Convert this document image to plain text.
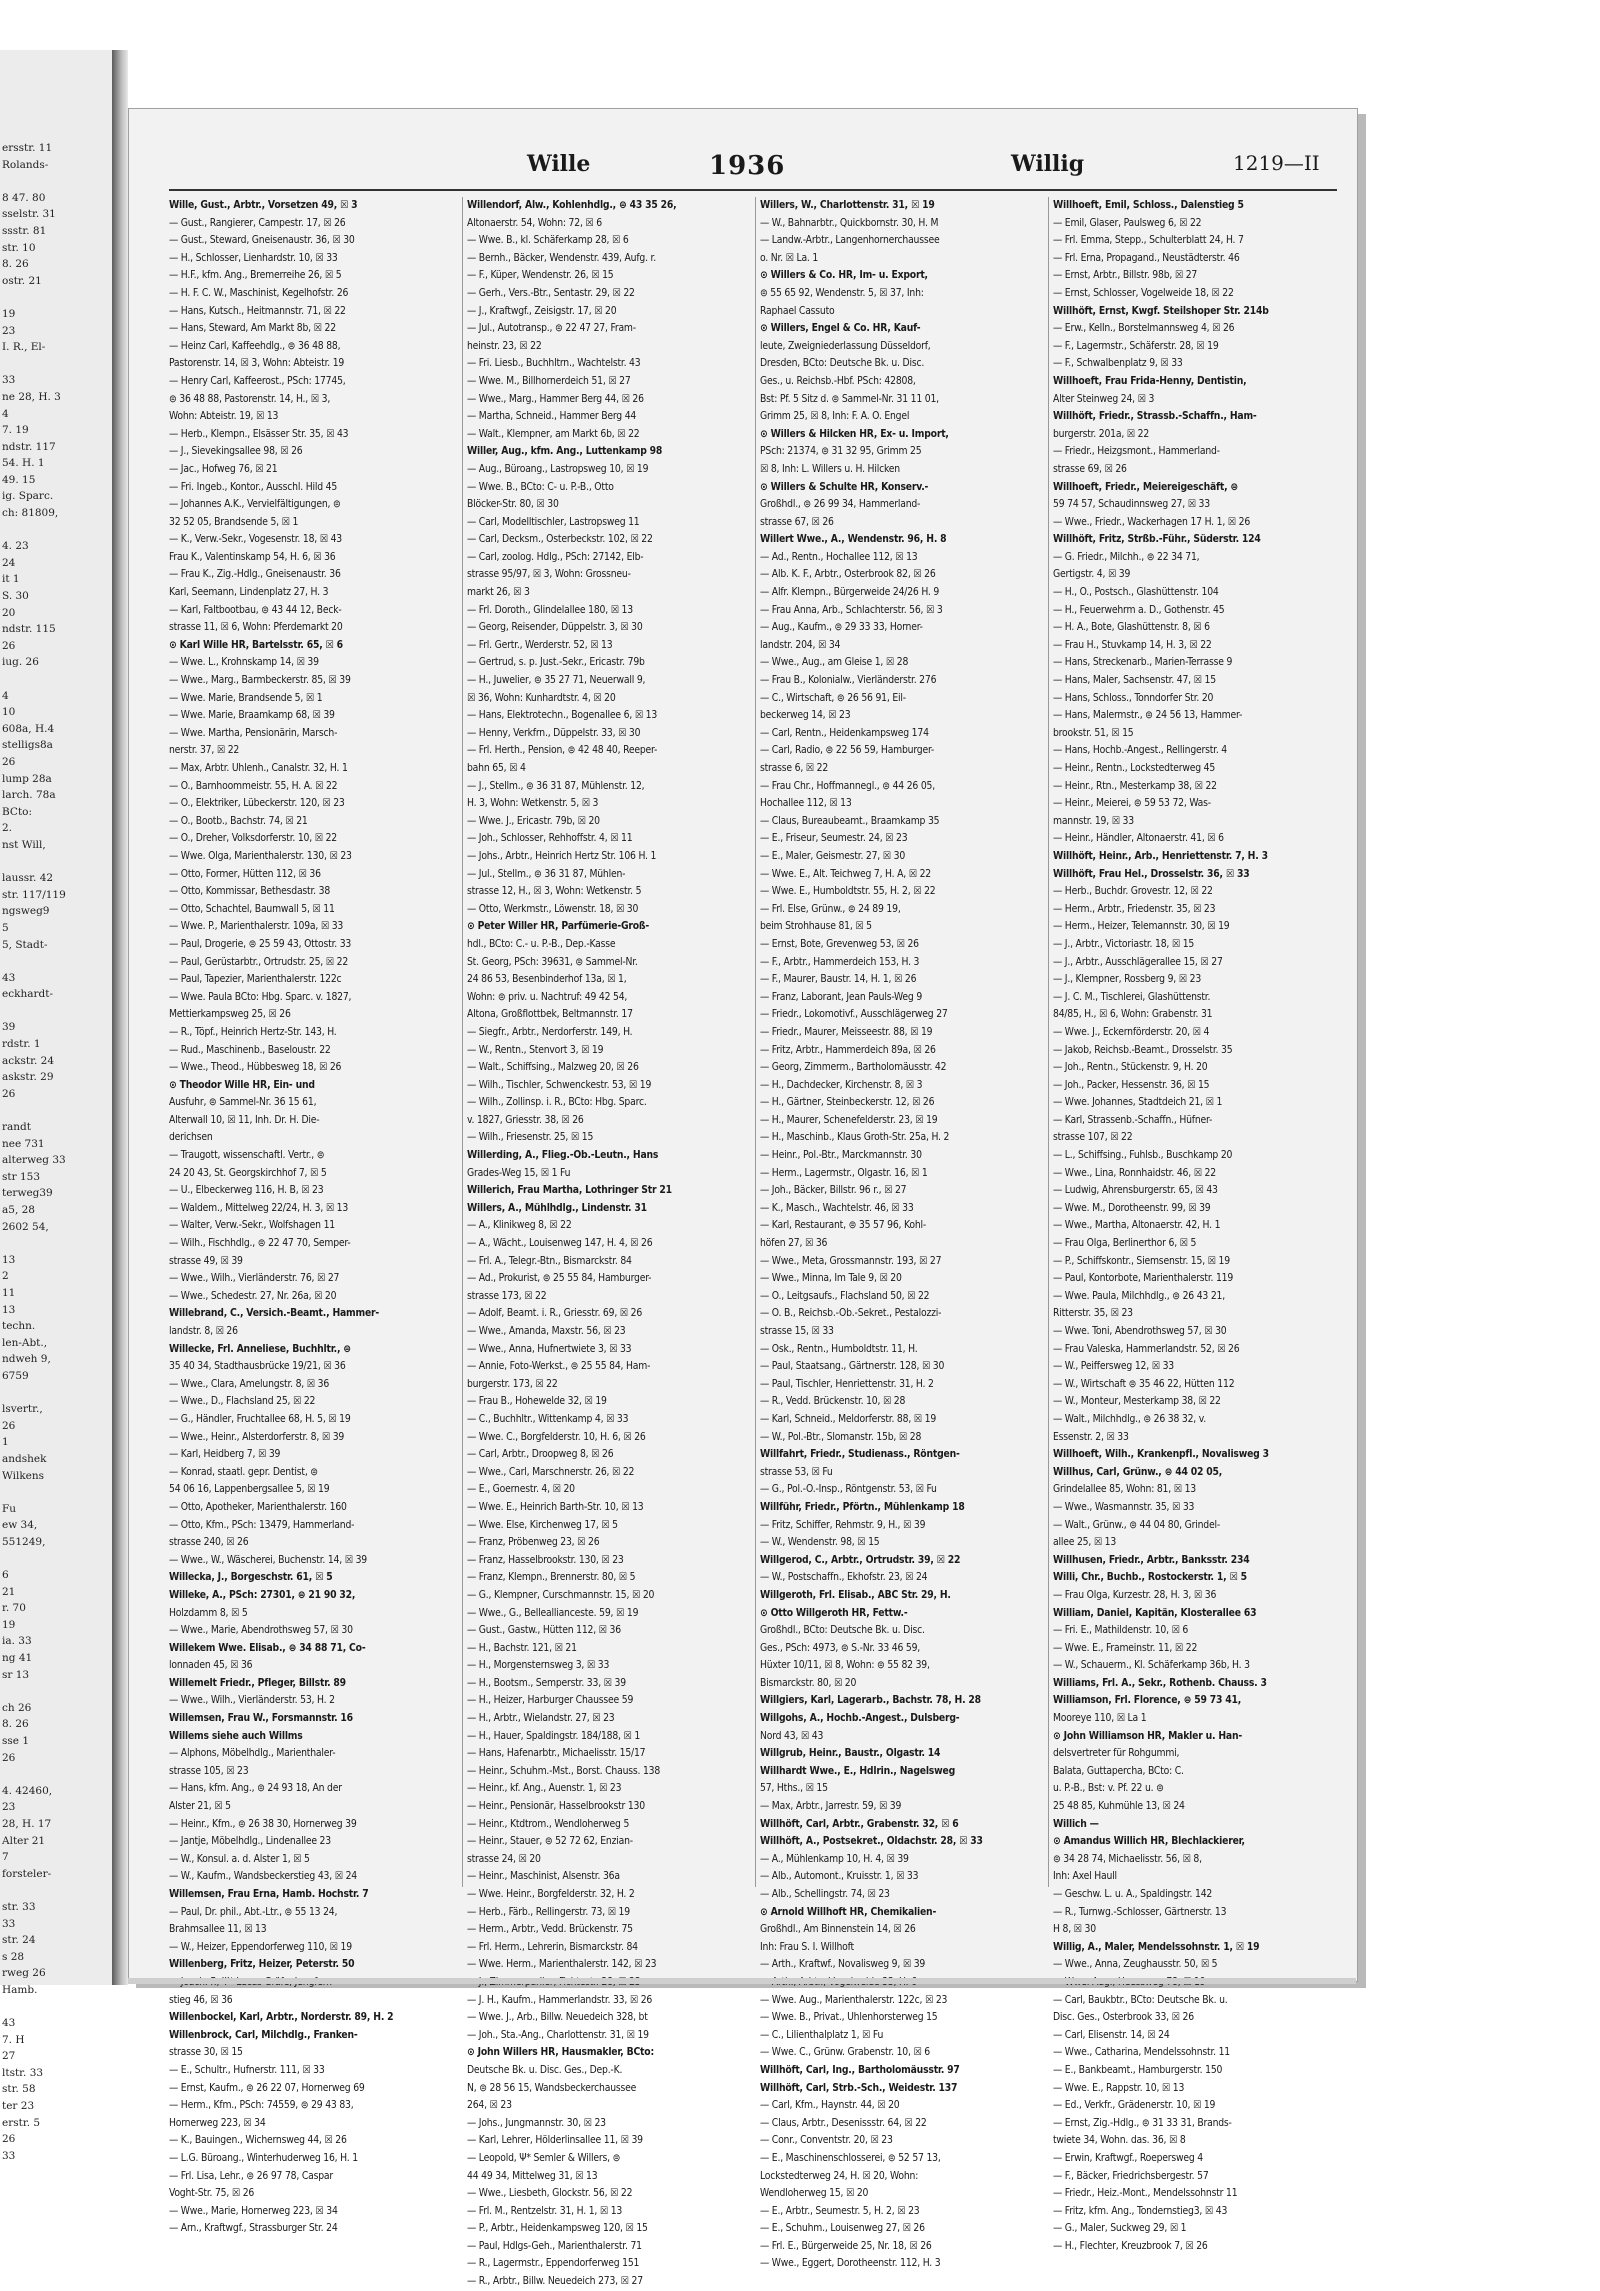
ersstr. 11
Rolands-

8 47. 80
sselstr. 31
ssstr. 81
str. 10
8. 26
ostr. 21

19
23
I. R., El-

33
ne 28, H. 3
4
7. 19
ndstr. 117
54. H. 1
49. 15
ig. Sparc.
ch: 81809,

4. 23
24
it 1
S. 30
20
ndstr. 115
26
iug. 26

4
10
608a, H.4
stelligs8a
26
lump 28a
larch. 78a
BCto:
2.
nst Will,

laussr. 42
str. 117/119
ngsweg9
5
5, Stadt-

43
eckhardt-

39
rdstr. 1
ackstr. 24
askstr. 29
26

randt
nee 731
alterweg 33
str 153
terweg39
a5, 28
2602 54,

13
2
11
13
techn.
len-Abt.,
ndweh 9,
6759

lsvertr.,
26
1
andshek
Wilkens

Fu
ew 34,
551249,

6
21
r. 70
19
ia. 33
ng 41
sr 13

ch 26
8. 26
sse 1
26

4. 42460,
23
28, H. 17
Alter 21
7
forsteler-

str. 33
33
str. 24
s 28
rweg 26
Hamb.

43
7. H
27
ltstr. 33
str. 58
ter 23
erstr. 5
26
33
Wille	1936	Willig	1219—II
Wille, Gust., Arbtr., Vorsetzen 49, ☒ 3
— Gust., Rangierer, Campestr. 17, ☒ 26
— Gust., Steward, Gneisenaustr. 36, ☒ 30
— H., Schlosser, Lienhardstr. 10, ☒ 33
— H.F., kfm. Ang., Bremerreihe 26, ☒ 5
— H. F. C. W., Maschinist, Kegelhofstr. 26
— Hans, Kutsch., Heitmannstr. 71, ☒ 22
— Hans, Steward, Am Markt 8b, ☒ 22
— Heinz Carl, Kaffeehdlg., ⊜ 36 48 88,
Pastorenstr. 14, ☒ 3, Wohn: Abteistr. 19
— Henry Carl, Kaffeerost., PSch: 17745,
⊜ 36 48 88, Pastorenstr. 14, H., ☒ 3,
Wohn: Abteistr. 19, ☒ 13
— Herb., Klempn., Elsässer Str. 35, ☒ 43
— J., Sievekingsallee 98, ☒ 26
— Jac., Hofweg 76, ☒ 21
— Fri. Ingeb., Kontor., Ausschl. Hild 45
— Johannes A.K., Vervielfältigungen, ⊜
32 52 05, Brandsende 5, ☒ 1
— K., Verw.-Sekr., Vogesenstr. 18, ☒ 43
Frau K., Valentinskamp 54, H. 6, ☒ 36
— Frau K., Zig.-Hdlg., Gneisenaustr. 36
Karl, Seemann, Lindenplatz 27, H. 3
— Karl, Faltbootbau, ⊜ 43 44 12, Beck-
strasse 11, ☒ 6, Wohn: Pferdemarkt 20
⊙ Karl Wille HR, Bartelsstr. 65, ☒ 6
— Wwe. L., Krohnskamp 14, ☒ 39
— Wwe., Marg., Barmbeckerstr. 85, ☒ 39
— Wwe. Marie, Brandsende 5, ☒ 1
— Wwe. Marie, Braamkamp 68, ☒ 39
— Wwe. Martha, Pensionärin, Marsch-
nerstr. 37, ☒ 22
— Max, Arbtr. Uhlenh., Canalstr. 32, H. 1
— O., Barnhoommeistr. 55, H. A. ☒ 22
— O., Elektriker, Lübeckerstr. 120, ☒ 23
— O., Bootb., Bachstr. 74, ☒ 21
— O., Dreher, Volksdorferstr. 10, ☒ 22
— Wwe. Olga, Marienthalerstr. 130, ☒ 23
— Otto, Former, Hütten 112, ☒ 36
— Otto, Kommissar, Bethesdastr. 38
— Otto, Schachtel, Baumwall 5, ☒ 11
— Wwe. P., Marienthalerstr. 109a, ☒ 33
— Paul, Drogerie, ⊜ 25 59 43, Ottostr. 33
— Paul, Gerüstarbtr., Ortrudstr. 25, ☒ 22
— Paul, Tapezier, Marienthalerstr. 122c
— Wwe. Paula BCto: Hbg. Sparc. v. 1827,
Mettierkampsweg 25, ☒ 26
— R., Töpf., Heinrich Hertz-Str. 143, H.
— Rud., Maschinenb., Baseloustr. 22
— Wwe., Theod., Hübbesweg 18, ☒ 26
⊙ Theodor Wille HR, Ein- und
Ausfuhr, ⊜ Sammel-Nr. 36 15 61,
Alterwall 10, ☒ 11, Inh. Dr. H. Die-
derichsen
— Traugott, wissenschaftl. Vertr., ⊜
24 20 43, St. Georgskirchhof 7, ☒ 5
— U., Elbeckerweg 116, H. B, ☒ 23
— Waldem., Mittelweg 22/24, H. 3, ☒ 13
— Walter, Verw.-Sekr., Wolfshagen 11
— Wilh., Fischhdlg., ⊜ 22 47 70, Semper-
strasse 49, ☒ 39
— Wwe., Wilh., Vierländerstr. 76, ☒ 27
— Wwe., Schedestr. 27, Nr. 26a, ☒ 20
Willebrand, C., Versich.-Beamt., Hammer-
landstr. 8, ☒ 26
Willecke, Frl. Anneliese, Buchhltr., ⊜
35 40 34, Stadthausbrücke 19/21, ☒ 36
— Wwe., Clara, Amelungstr. 8, ☒ 36
— Wwe., D., Flachsland 25, ☒ 22
— G., Händler, Fruchtallee 68, H. 5, ☒ 19
— Wwe., Heinr., Alsterdorferstr. 8, ☒ 39
— Karl, Heidberg 7, ☒ 39
— Konrad, staatl. gepr. Dentist, ⊜
54 06 16, Lappenbergsallee 5, ☒ 19
— Otto, Apotheker, Marienthalerstr. 160
— Otto, Kfm., PSch: 13479, Hammerland-
strasse 240, ☒ 26
— Wwe., W., Wäscherei, Buchenstr. 14, ☒ 39
Willecka, J., Borgeschstr. 61, ☒ 5
Willeke, A., PSch: 27301, ⊜ 21 90 32,
Holzdamm 8, ☒ 5
— Wwe., Marie, Abendrothsweg 57, ☒ 30
Willekem Wwe. Elisab., ⊜ 34 88 71, Co-
lonnaden 45, ☒ 36
Willemelt Friedr., Pfleger, Billstr. 89
— Wwe., Wilh., Vierländerstr. 53, H. 2
Willemsen, Frau W., Forsmannstr. 16
Willems siehe auch Willms
— Alphons, Möbelhdlg., Marienthaler-
strasse 105, ☒ 23
— Hans, kfm. Ang., ⊜ 24 93 18, An der
Alster 21, ☒ 5
— Heinr., Kfm., ⊜ 26 38 30, Hornerweg 39
— Jantje, Möbelhdlg., Lindenallee 23
— W., Konsul. a. d. Alster 1, ☒ 5
— W., Kaufm., Wandsbeckerstieg 43, ☒ 24
Willemsen, Frau Erna, Hamb. Hochstr. 7
— Paul, Dr. phil., Abt.-Ltr., ⊜ 55 13 24,
Brahmsallee 11, ☒ 13
— W., Heizer, Eppendorferweg 110, ☒ 19
Willenberg, Fritz, Heizer, Peterstr. 50
stieg 46, ☒ 36
Willenbockel, Karl, Arbtr., Norderstr. 89, H. 2
Willenbrock, Carl, Milchdlg., Franken-
strasse 30, ☒ 15
— E., Schultr., Hufnerstr. 111, ☒ 33
— Ernst, Kaufm., ⊜ 26 22 07, Hornerweg 69
— Herm., Kfm., PSch: 74559, ⊜ 29 43 83,
Hornerweg 223, ☒ 34
— K., Bauingen., Wichernsweg 44, ☒ 26
— L.G. Büroang., Winterhuderweg 16, H. 1
— Frl. Lisa, Lehr., ⊜ 26 97 78, Caspar
Voght-Str. 75, ☒ 26
— Wwe., Marie, Hornerweg 223, ☒ 34
— Arn., Kraftwgf., Strassburger Str. 24
Willendorf, Alw., Kohlenhdlg., ⊜ 43 35 26,
Altonaerstr. 54, Wohn: 72, ☒ 6
— Wwe. B., kl. Schäferkamp 28, ☒ 6
— Bernh., Bäcker, Wendenstr. 439, Aufg. r.
— F., Küper, Wendenstr. 26, ☒ 15
— Gerh., Vers.-Btr., Sentastr. 29, ☒ 22
— J., Kraftwgf., Zeisigstr. 17, ☒ 20
— Jul., Autotransp., ⊜ 22 47 27, Fram-
heinstr. 23, ☒ 22
— Fri. Liesb., Buchhltrn., Wachtelstr. 43
— Wwe. M., Billhornerdeich 51, ☒ 27
— Wwe., Marg., Hammer Berg 44, ☒ 26
— Martha, Schneid., Hammer Berg 44
— Walt., Klempner, am Markt 6b, ☒ 22
Willer, Aug., kfm. Ang., Luttenkamp 98
— Aug., Büroang., Lastropsweg 10, ☒ 19
— Wwe. B., BCto: C- u. P.-B., Otto
Blöcker-Str. 80, ☒ 30
— Carl, Modelltischler, Lastropsweg 11
— Carl, Decksm., Osterbeckstr. 102, ☒ 22
— Carl, zoolog. Hdlg., PSch: 27142, Elb-
strasse 95/97, ☒ 3, Wohn: Grossneu-
markt 26, ☒ 3
— Frl. Doroth., Glindelallee 180, ☒ 13
— Georg, Reisender, Düppelstr. 3, ☒ 30
— Frl. Gertr., Werderstr. 52, ☒ 13
— Gertrud, s. p. Just.-Sekr., Ericastr. 79b
— H., Juwelier, ⊜ 35 27 71, Neuerwall 9,
☒ 36, Wohn: Kunhardtstr. 4, ☒ 20
— Hans, Elektrotechn., Bogenallee 6, ☒ 13
— Henny, Verkfrn., Düppelstr. 33, ☒ 30
— Frl. Herth., Pension, ⊜ 42 48 40, Reeper-
bahn 65, ☒ 4
— J., Stellm., ⊜ 36 31 87, Mühlenstr. 12,
H. 3, Wohn: Wetkenstr. 5, ☒ 3
— Wwe. J., Ericastr. 79b, ☒ 20
— Joh., Schlosser, Rehhoffstr. 4, ☒ 11
— Johs., Arbtr., Heinrich Hertz Str. 106 H. 1
— Jul., Stellm., ⊜ 36 31 87, Mühlen-
strasse 12, H., ☒ 3, Wohn: Wetkenstr. 5
— Otto, Werkmstr., Löwenstr. 18, ☒ 30
⊙ Peter Willer HR, Parfümerie-Groß-
hdl., BCto: C.- u. P.-B., Dep.-Kasse
St. Georg, PSch: 39631, ⊜ Sammel-Nr.
24 86 53, Besenbinderhof 13a, ☒ 1,
Wohn: ⊜ priv. u. Nachtruf: 49 42 54,
Altona, Großflottbek, Beltmannstr. 17
— Siegfr., Arbtr., Nerdorferstr. 149, H.
— W., Rentn., Stenvort 3, ☒ 19
— Walt., Schiffsing., Malzweg 20, ☒ 26
— Wilh., Tischler, Schwenckestr. 53, ☒ 19
— Wilh., Zollinsp. i. R., BCto: Hbg. Sparc.
v. 1827, Griesstr. 38, ☒ 26
— Wilh., Friesenstr. 25, ☒ 15
Willerding, A., Flieg.-Ob.-Leutn., Hans
Grades-Weg 15, ☒ 1 Fu
Willerich, Frau Martha, Lothringer Str 21
Willers, A., Mühlhdlg., Lindenstr. 31
— A., Klinikweg 8, ☒ 22
— A., Wächt., Louisenweg 147, H. 4, ☒ 26
— Frl. A., Telegr.-Btn., Bismarckstr. 84
— Ad., Prokurist, ⊜ 25 55 84, Hamburger-
strasse 173, ☒ 22
— Adolf, Beamt. i. R., Griesstr. 69, ☒ 26
— Wwe., Amanda, Maxstr. 56, ☒ 23
— Wwe., Anna, Hufnertwiete 3, ☒ 33
— Annie, Foto-Werkst., ⊜ 25 55 84, Ham-
burgerstr. 173, ☒ 22
— Frau B., Hohewelde 32, ☒ 19
— C., Buchhltr., Wittenkamp 4, ☒ 33
— Wwe. C., Borgfelderstr. 10, H. 6, ☒ 26
— Carl, Arbtr., Droopweg 8, ☒ 26
— Wwe., Carl, Marschnerstr. 26, ☒ 22
— E., Goernestr. 4, ☒ 20
— Wwe. E., Heinrich Barth-Str. 10, ☒ 13
— Wwe. Else, Kirchenweg 17, ☒ 5
— Franz, Pröbenweg 23, ☒ 26
— Franz, Hasselbrookstr. 130, ☒ 23
— Franz, Klempn., Brennerstr. 80, ☒ 5
— G., Klempner, Curschmannstr. 15, ☒ 20
— Wwe., G., Belleallianceste. 59, ☒ 19
— Gust., Gastw., Hütten 112, ☒ 36
— H., Bachstr. 121, ☒ 21
— H., Morgensternsweg 3, ☒ 33
— H., Bootsm., Semperstr. 33, ☒ 39
— H., Heizer, Harburger Chaussee 59
— H., Arbtr., Wielandstr. 27, ☒ 23
— H., Hauer, Spaldingstr. 184/188, ☒ 1
— Hans, Hafenarbtr., Michaelisstr. 15/17
— Heinr., Schuhm.-Mst., Borst. Chauss. 138
— Heinr., kf. Ang., Auenstr. 1, ☒ 23
— Heinr., Pensionär, Hasselbrookstr 130
— Heinr., Ktdtrom., Wendloherweg 5
— Heinr., Stauer, ⊜ 52 72 62, Enzian-
strasse 24, ☒ 20
— Heinr., Maschinist, Alsenstr. 36a
— Wwe. Heinr., Borgfelderstr. 32, H. 2
— Herb., Färb., Rellingerstr. 73, ☒ 19
— Herm., Arbtr., Vedd. Brückenstr. 75
— Frl. Herm., Lehrerin, Bismarckstr. 84
— Wwe. Herm., Marienthalerstr. 142, ☒ 23
— J. H., Kaufm., Hammerlandstr. 33, ☒ 26
— Wwe. J., Arb., Billw. Neuedeich 328, bt
— Joh., Sta.-Ang., Charlottenstr. 31, ☒ 19
⊙ John Willers HR, Hausmakler, BCto:
Deutsche Bk. u. Disc. Ges., Dep.-K.
N, ⊜ 28 56 15, Wandsbeckerchaussee
264, ☒ 23
— Johs., Jungmannstr. 30, ☒ 23
— Karl, Lehrer, Hölderlinsallee 11, ☒ 39
— Leopold, Ψ* Semler & Willers, ⊜
44 49 34, Mittelweg 31, ☒ 13
— Wwe., Liesbeth, Glockstr. 56, ☒ 22
— Frl. M., Rentzelstr. 31, H. 1, ☒ 13
— P., Arbtr., Heidenkampsweg 120, ☒ 15
— Paul, Hdlgs-Geh., Marienthalerstr. 71
— R., Lagermstr., Eppendorferweg 151
— R., Arbtr., Billw. Neuedeich 273, ☒ 27
Willers, W., Charlottenstr. 31, ☒ 19
— W., Bahnarbtr., Quickbornstr. 30, H. M
— Landw.-Arbtr., Langenhornerchaussee
o. Nr. ☒ La. 1
⊙ Willers & Co. HR, Im- u. Export,
⊜ 55 65 92, Wendenstr. 5, ☒ 37, Inh:
Raphael Cassuto
⊙ Willers, Engel & Co. HR, Kauf-
leute, Zweigniederlassung Düsseldorf,
Dresden, BCto: Deutsche Bk. u. Disc.
Ges., u. Reichsb.-Hbf. PSch: 42808,
Bst: Pf. 5 Sitz d. ⊜ Sammel-Nr. 31 11 01,
Grimm 25, ☒ 8, Inh: F. A. O. Engel
⊙ Willers & Hilcken HR, Ex- u. Import,
PSch: 21374, ⊜ 31 32 95, Grimm 25
☒ 8, Inh: L. Willers u. H. Hilcken
⊙ Willers & Schulte HR, Konserv.-
Großhdl., ⊜ 26 99 34, Hammerland-
strasse 67, ☒ 26
Willert Wwe., A., Wendenstr. 96, H. 8
— Ad., Rentn., Hochallee 112, ☒ 13
— Alb. K. F., Arbtr., Osterbrook 82, ☒ 26
— Alfr. Klempn., Bürgerweide 24/26 H. 9
— Frau Anna, Arb., Schlachterstr. 56, ☒ 3
— Aug., Kaufm., ⊜ 29 33 33, Horner-
landstr. 204, ☒ 34
— Wwe., Aug., am Gleise 1, ☒ 28
— Frau B., Kolonialw., Vierländerstr. 276
— C., Wirtschaft, ⊜ 26 56 91, Eil-
beckerweg 14, ☒ 23
— Carl, Rentn., Heidenkampsweg 174
— Carl, Radio, ⊜ 22 56 59, Hamburger-
strasse 6, ☒ 22
— Frau Chr., Hoffmannegl., ⊜ 44 26 05,
Hochallee 112, ☒ 13
— Claus, Bureaubeamt., Braamkamp 35
— E., Friseur, Seumestr. 24, ☒ 23
— E., Maler, Geismestr. 27, ☒ 30
— Wwe. E., Alt. Teichweg 7, H. A, ☒ 22
— Wwe. E., Humboldtstr. 55, H. 2, ☒ 22
— Frl. Else, Grünw., ⊜ 24 89 19,
beim Strohhause 81, ☒ 5
— Ernst, Bote, Grevenweg 53, ☒ 26
— F., Arbtr., Hammerdeich 153, H. 3
— F., Maurer, Baustr. 14, H. 1, ☒ 26
— Franz, Laborant, Jean Pauls-Weg 9
— Friedr., Lokomotivf., Ausschlägerweg 27
— Friedr., Maurer, Meisseestr. 88, ☒ 19
— Fritz, Arbtr., Hammerdeich 89a, ☒ 26
— Georg, Zimmerm., Bartholomäusstr. 42
— H., Dachdecker, Kirchenstr. 8, ☒ 3
— H., Gärtner, Steinbeckerstr. 12, ☒ 26
— H., Maurer, Schenefelderstr. 23, ☒ 19
— H., Maschinb., Klaus Groth-Str. 25a, H. 2
— Heinr., Pol.-Btr., Marckmannstr. 30
— Herm., Lagermstr., Olgastr. 16, ☒ 1
— Joh., Bäcker, Billstr. 96 r., ☒ 27
— K., Masch., Wachtelstr. 46, ☒ 33
— Karl, Restaurant, ⊜ 35 57 96, Kohl-
höfen 27, ☒ 36
— Wwe., Meta, Grossmannstr. 193, ☒ 27
— Wwe., Minna, Im Tale 9, ☒ 20
— O., Leitgsaufs., Flachsland 50, ☒ 22
— O. B., Reichsb.-Ob.-Sekret., Pestalozzi-
strasse 15, ☒ 33
— Osk., Rentn., Humboldtstr. 11, H.
— Paul, Staatsang., Gärtnerstr. 128, ☒ 30
— Paul, Tischler, Henriettenstr. 31, H. 2
— R., Vedd. Brückenstr. 10, ☒ 28
— Karl, Schneid., Meldorferstr. 88, ☒ 19
— W., Pol.-Btr., Slomanstr. 15b, ☒ 28
Willfahrt, Friedr., Studienass., Röntgen-
strasse 53, ☒ Fu
— G., Pol.-O.-Insp., Röntgenstr. 53, ☒ Fu
Willführ, Friedr., Pförtn., Mühlenkamp 18
— Fritz, Schiffer, Rehmstr. 9, H., ☒ 39
— W., Wendenstr. 98, ☒ 15
Willgerod, C., Arbtr., Ortrudstr. 39, ☒ 22
— W., Postschaffn., Ekhofstr. 23, ☒ 24
Willgeroth, Frl. Elisab., ABC Str. 29, H.
⊙ Otto Willgeroth HR, Fettw.-
Großhdl., BCto: Deutsche Bk. u. Disc.
Ges., PSch: 4973, ⊜ S.-Nr. 33 46 59,
Hüxter 10/11, ☒ 8, Wohn: ⊜ 55 82 39,
Bismarckstr. 80, ☒ 20
Willgiers, Karl, Lagerarb., Bachstr. 78, H. 28
Willgohs, A., Hochb.-Angest., Dulsberg-
Nord 43, ☒ 43
Willgrub, Heinr., Baustr., Olgastr. 14
Willhardt Wwe., E., Hdlrin., Nagelsweg
57, Hths., ☒ 15
— Max, Arbtr., Jarrestr. 59, ☒ 39
Willhöft, Carl, Arbtr., Grabenstr. 32, ☒ 6
Willhöft, A., Postsekret., Oldachstr. 28, ☒ 33
— A., Mühlenkamp 10, H. 4, ☒ 39
— Alb., Automont., Kruisstr. 1, ☒ 33
— Alb., Schellingstr. 74, ☒ 23
⊙ Arnold Willhoft HR, Chemikalien-
Großhdl., Am Binnenstein 14, ☒ 26
Inh: Frau S. I. Willhoft
— Arth., Kraftwf., Novalisweg 9, ☒ 39
— Wwe. Aug., Marienthalerstr. 122c, ☒ 23
— Wwe. B., Privat., Uhlenhorsterweg 15
— C., Lilienthalplatz 1, ☒ Fu
— Wwe. C., Grünw. Grabenstr. 10, ☒ 6
Willhöft, Carl, Ing., Bartholomäusstr. 97
Willhöft, Carl, Strb.-Sch., Weidestr. 137
— Carl, Kfm., Haynstr. 44, ☒ 20
— Claus, Arbtr., Desenissstr. 64, ☒ 22
— Conr., Conventstr. 20, ☒ 23
— E., Maschinenschlosserei, ⊜ 52 57 13,
Lockstedterweg 24, H. ☒ 20, Wohn:
Wendloherweg 15, ☒ 20
— E., Arbtr., Seumestr. 5, H. 2, ☒ 23
— E., Schuhm., Louisenweg 27, ☒ 26
— Frl. E., Bürgerweide 25, Nr. 18, ☒ 26
— Wwe., Eggert, Dorotheenstr. 112, H. 3
Willhoeft, Emil, Schloss., Dalenstieg 5
— Emil, Glaser, Paulsweg 6, ☒ 22
— Frl. Emma, Stepp., Schulterblatt 24, H. 7
— Frl. Erna, Propagand., Neustädterstr. 46
— Ernst, Arbtr., Billstr. 98b, ☒ 27
— Ernst, Schlosser, Vogelweide 18, ☒ 22
Willhöft, Ernst, Kwgf. Steilshoper Str. 214b
— Erw., Kelln., Borstelmannsweg 4, ☒ 26
— F., Lagermstr., Schäferstr. 28, ☒ 19
— F., Schwalbenplatz 9, ☒ 33
Willhoeft, Frau Frida-Henny, Dentistin,
Alter Steinweg 24, ☒ 3
Willhöft, Friedr., Strassb.-Schaffn., Ham-
burgerstr. 201a, ☒ 22
— Friedr., Heizgsmont., Hammerland-
strasse 69, ☒ 26
Willhoeft, Friedr., Meiereigeschäft, ⊜
59 74 57, Schaudinnsweg 27, ☒ 33
— Wwe., Friedr., Wackerhagen 17 H. 1, ☒ 26
Willhöft, Fritz, Strßb.-Führ., Süderstr. 124
— G. Friedr., Milchh., ⊜ 22 34 71,
Gertigstr. 4, ☒ 39
— H., O., Postsch., Glashüttenstr. 104
— H., Feuerwehrm a. D., Gothenstr. 45
— H. A., Bote, Glashüttenstr. 8, ☒ 6
— Frau H., Stuvkamp 14, H. 3, ☒ 22
— Hans, Streckenarb., Marien-Terrasse 9
— Hans, Maler, Sachsenstr. 47, ☒ 15
— Hans, Schloss., Tonndorfer Str. 20
— Hans, Malermstr., ⊜ 24 56 13, Hammer-
brookstr. 51, ☒ 15
— Hans, Hochb.-Angest., Rellingerstr. 4
— Heinr., Rentn., Lockstedterweg 45
— Heinr., Rtn., Mesterkamp 38, ☒ 22
— Heinr., Meierei, ⊜ 59 53 72, Was-
mannstr. 19, ☒ 33
— Heinr., Händler, Altonaerstr. 41, ☒ 6
Willhöft, Heinr., Arb., Henriettenstr. 7, H. 3
Willhöft, Frau Hel., Drosselstr. 36, ☒ 33
— Herb., Buchdr. Grovestr. 12, ☒ 22
— Herm., Arbtr., Friedenstr. 35, ☒ 23
— Herm., Heizer, Telemannstr. 30, ☒ 19
— J., Arbtr., Victoriastr. 18, ☒ 15
— J., Arbtr., Ausschlägerallee 15, ☒ 27
— J., Klempner, Rossberg 9, ☒ 23
— J. C. M., Tischlerei, Glashüttenstr.
84/85, H., ☒ 6, Wohn: Grabenstr. 31
— Wwe. J., Eckernförderstr. 20, ☒ 4
— Jakob, Reichsb.-Beamt., Drosselstr. 35
— Joh., Rentn., Stückenstr. 9, H. 20
— Joh., Packer, Hessenstr. 36, ☒ 15
— Wwe. Johannes, Stadtdeich 21, ☒ 1
— Karl, Strassenb.-Schaffn., Hüfner-
strasse 107, ☒ 22
— L., Schiffsing., Fuhlsb., Buschkamp 20
— Wwe., Lina, Ronnhaidstr. 46, ☒ 22
— Ludwig, Ahrensburgerstr. 65, ☒ 43
— Wwe. M., Dorotheenstr. 99, ☒ 39
— Wwe., Martha, Altonaerstr. 42, H. 1
— Frau Olga, Berlinerthor 6, ☒ 5
— P., Schiffskontr., Siemsenstr. 15, ☒ 19
— Paul, Kontorbote, Marienthalerstr. 119
— Wwe. Paula, Milchhdlg., ⊜ 26 43 21,
Ritterstr. 35, ☒ 23
— Wwe. Toni, Abendrothsweg 57, ☒ 30
— Frau Valeska, Hammerlandstr. 52, ☒ 26
— W., Peiffersweg 12, ☒ 33
— W., Wirtschaft ⊜ 35 46 22, Hütten 112
— W., Monteur, Mesterkamp 38, ☒ 22
— Walt., Milchhdlg., ⊜ 26 38 32, v.
Essenstr. 2, ☒ 33
Willhoeft, Wilh., Krankenpfl., Novalisweg 3
Willhus, Carl, Grünw., ⊜ 44 02 05,
Grindelallee 85, Wohn: 81, ☒ 13
— Wwe., Wasmannstr. 35, ☒ 33
— Walt., Grünw., ⊜ 44 04 80, Grindel-
allee 25, ☒ 13
Willhusen, Friedr., Arbtr., Banksstr. 234
Willi, Chr., Buchb., Rostockerstr. 1, ☒ 5
— Frau Olga, Kurzestr. 28, H. 3, ☒ 36
William, Daniel, Kapitän, Klosterallee 63
— Fri. E., Mathildenstr. 10, ☒ 6
— Wwe. E., Frameinstr. 11, ☒ 22
— W., Schauerm., Kl. Schäferkamp 36b, H. 3
Williams, Frl. A., Sekr., Rothenb. Chauss. 3
Williamson, Frl. Florence, ⊜ 59 73 41,
Mooreye 110, ☒ La 1
⊙ John Williamson HR, Makler u. Han-
delsvertreter für Rohgummi,
Balata, Guttapercha, BCto: C.
u. P.-B., Bst: v. Pf. 22 u. ⊜
25 48 85, Kuhmühle 13, ☒ 24
Willich —
⊙ Amandus Willich HR, Blechlackierer,
⊜ 34 28 74, Michaelisstr. 56, ☒ 8,
Inh: Axel Haull
— Geschw. L. u. A., Spaldingstr. 142
— R., Turnwg.-Schlosser, Gärtnerstr. 13
H 8, ☒ 30
Willig, A., Maler, Mendelssohnstr. 1, ☒ 19
— Wwe., Anna, Zeughausstr. 50, ☒ 5
— Carl, Baukbtr., BCto: Deutsche Bk. u.
Disc. Ges., Osterbrook 33, ☒ 26
— Carl, Elisenstr. 14, ☒ 24
— Wwe., Catharina, Mendelssohnstr. 11
— E., Bankbeamt., Hamburgerstr. 150
— Wwe. E., Rappstr. 10, ☒ 13
— Ed., Verkfr., Grädenerstr. 10, ☒ 19
— Ernst, Zig.-Hdlg., ⊜ 31 33 31, Brands-
twiete 34, Wohn. das. 36, ☒ 8
— Erwin, Kraftwgf., Roepersweg 4
— F., Bäcker, Friedrichsbergestr. 57
— Friedr., Heiz.-Mont., Mendelssohnstr 11
— Fritz, kfm. Ang., Tondernstieg3, ☒ 43
— G., Maler, Suckweg 29, ☒ 1
— H., Flechter, Kreuzbrook 7, ☒ 26
